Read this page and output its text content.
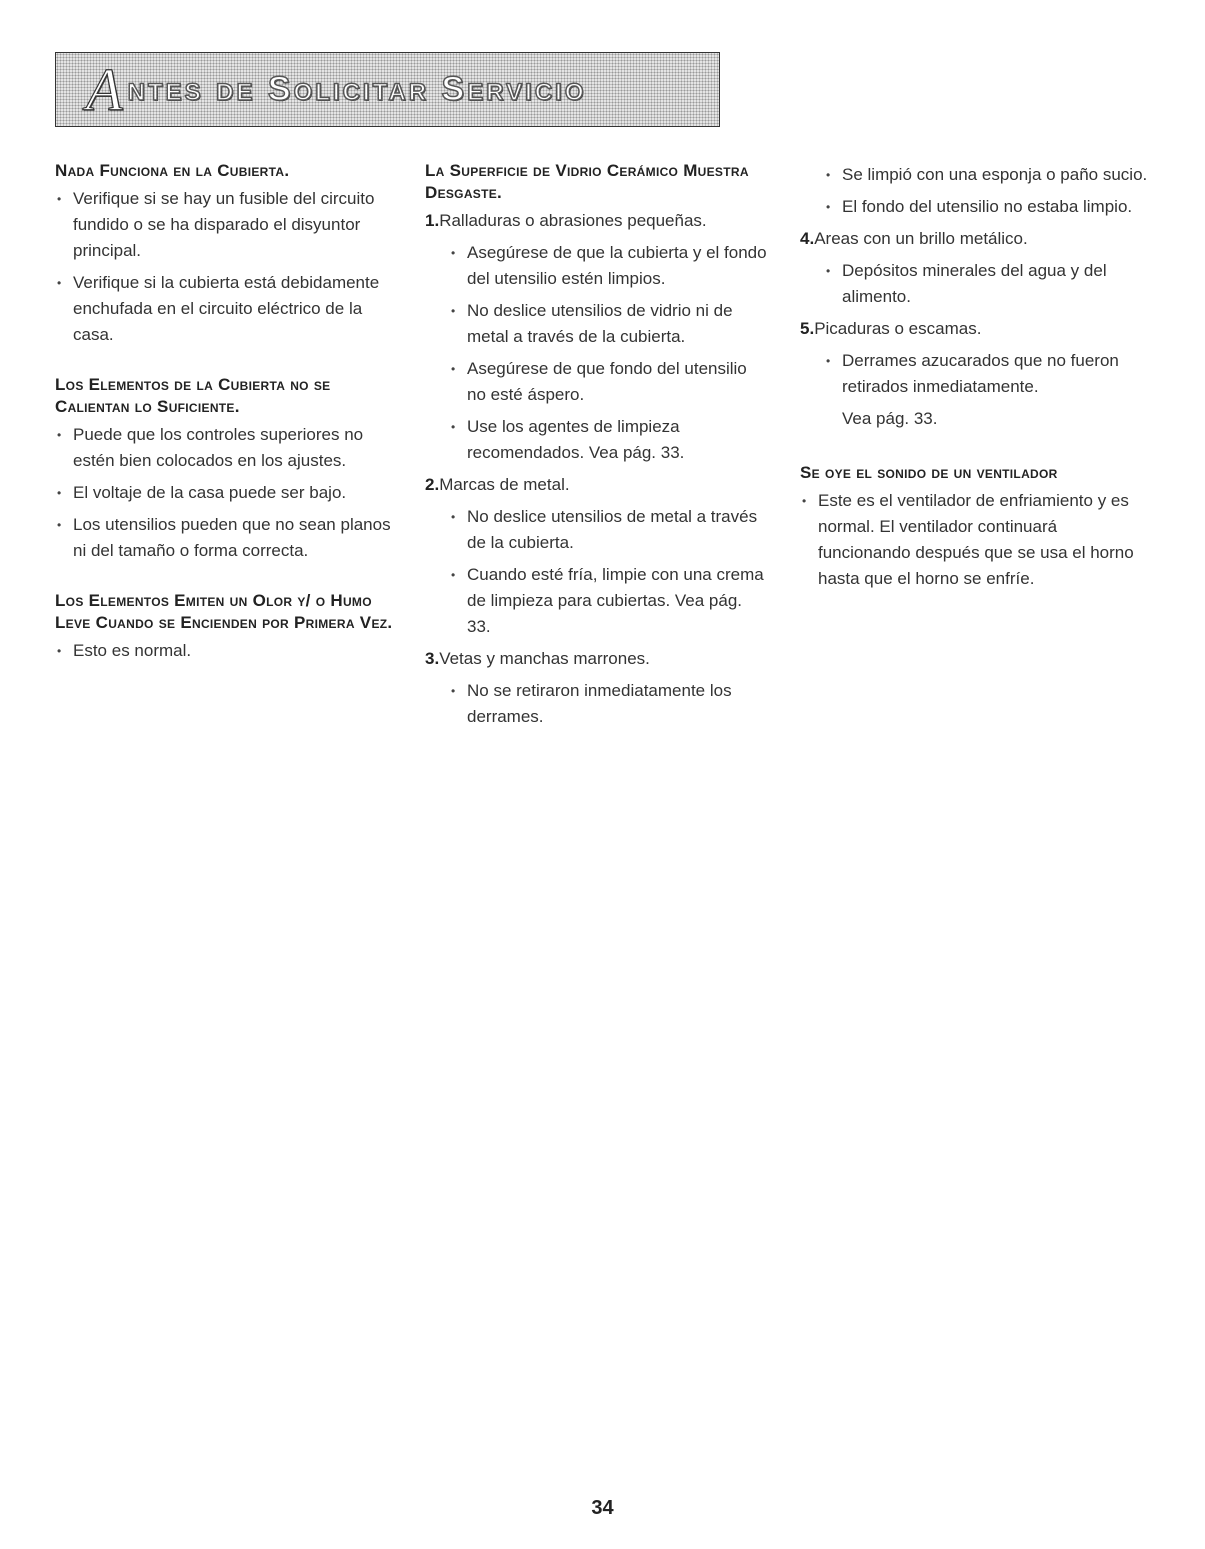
A ntes de Solicitar Servicio
Nada Funciona en la Cubierta.

• Verifique si se hay un fusible del circuito fundido o se ha disparado el disyuntor principal.

• Verifique si la cubierta está debidamente enchufada en el circuito eléctrico de la casa.

Los Elementos de la Cubierta no se Calientan lo Suficiente.

• Puede que los controles superiores no estén bien colocados en los ajustes.

• El voltaje de la casa puede ser bajo.

• Los utensilios pueden que no sean planos ni del tamaño o forma correcta.

Los Elementos Emiten un Olor y/ o Humo Leve Cuando se Encienden por Primera Vez.

• Esto es normal.

La Superficie de Vidrio Cerámico Muestra Desgaste.

1.Ralladuras o abrasiones pequeñas.

• Asegúrese de que la cubierta y el fondo del utensilio estén limpios.

• No deslice utensilios de vidrio ni de metal a través de la cubierta.

• Asegúrese de que fondo del utensilio no esté áspero.

• Use los agentes de limpieza recomendados. Vea pág. 33.

2.Marcas de metal.

• No deslice utensilios de metal a través de la cubierta.

• Cuando esté fría, limpie con una crema de limpieza para cubiertas. Vea pág. 33.

3.Vetas y manchas marrones.

• No se retiraron inmediatamente los derrames.

• Se limpió con una esponja o paño sucio.

• El fondo del utensilio no estaba limpio.

4.Areas con un brillo metálico.

• Depósitos minerales del agua y del alimento.

5.Picaduras o escamas.

• Derrames azucarados que no fueron retirados inmediatamente.

Vea pág. 33.

Se oye el sonido de un ventilador

• Este es el ventilador de enfriamiento y es normal. El ventilador continuará funcionando después que se usa el horno hasta que el horno se enfríe.

34
